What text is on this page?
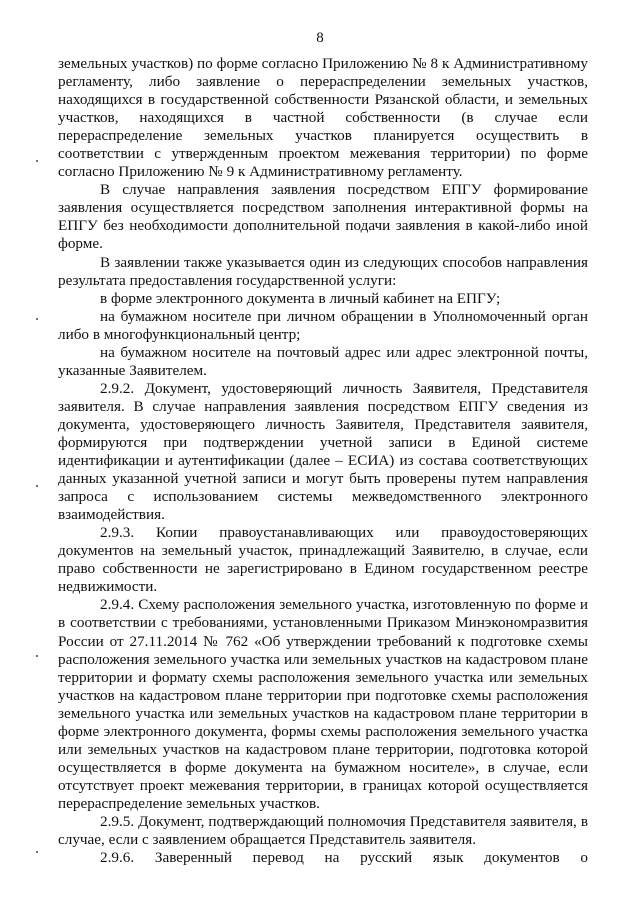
8

земельных участков) по форме согласно Приложению № 8 к Административному регламенту, либо заявление о перераспределении земельных участков, находящихся в государственной собственности Рязанской области, и земельных участков, находящихся в частной собственности (в случае если перераспределение земельных участков планируется осуществить в соответствии с утвержденным проектом межевания территории) по форме согласно Приложению № 9 к Административному регламенту.

В случае направления заявления посредством ЕПГУ формирование заявления осуществляется посредством заполнения интерактивной формы на ЕПГУ без необходимости дополнительной подачи заявления в какой-либо иной форме.

В заявлении также указывается один из следующих способов направления результата предоставления государственной услуги:

в форме электронного документа в личный кабинет на ЕПГУ;

на бумажном носителе при личном обращении в Уполномоченный орган либо в многофункциональный центр;

на бумажном носителе на почтовый адрес или адрес электронной почты, указанные Заявителем.

2.9.2. Документ, удостоверяющий личность Заявителя, Представителя заявителя. В случае направления заявления посредством ЕПГУ сведения из документа, удостоверяющего личность Заявителя, Представителя заявителя, формируются при подтверждении учетной записи в Единой системе идентификации и аутентификации (далее – ЕСИА) из состава соответствующих данных указанной учетной записи и могут быть проверены путем направления запроса с использованием системы межведомственного электронного взаимодействия.

2.9.3. Копии правоустанавливающих или правоудостоверяющих документов на земельный участок, принадлежащий Заявителю, в случае, если право собственности не зарегистрировано в Едином государственном реестре недвижимости.

2.9.4. Схему расположения земельного участка, изготовленную по форме и в соответствии с требованиями, установленными Приказом Минэкономразвития России от 27.11.2014 № 762 «Об утверждении требований к подготовке схемы расположения земельного участка или земельных участков на кадастровом плане территории и формату схемы расположения земельного участка или земельных участков на кадастровом плане территории при подготовке схемы расположения земельного участка или земельных участков на кадастровом плане территории в форме электронного документа, формы схемы расположения земельного участка или земельных участков на кадастровом плане территории, подготовка которой осуществляется в форме документа на бумажном носителе», в случае, если отсутствует проект межевания территории, в границах которой осуществляется перераспределение земельных участков.

2.9.5. Документ, подтверждающий полномочия Представителя заявителя, в случае, если с заявлением обращается Представитель заявителя.

2.9.6. Заверенный перевод на русский язык документов о
